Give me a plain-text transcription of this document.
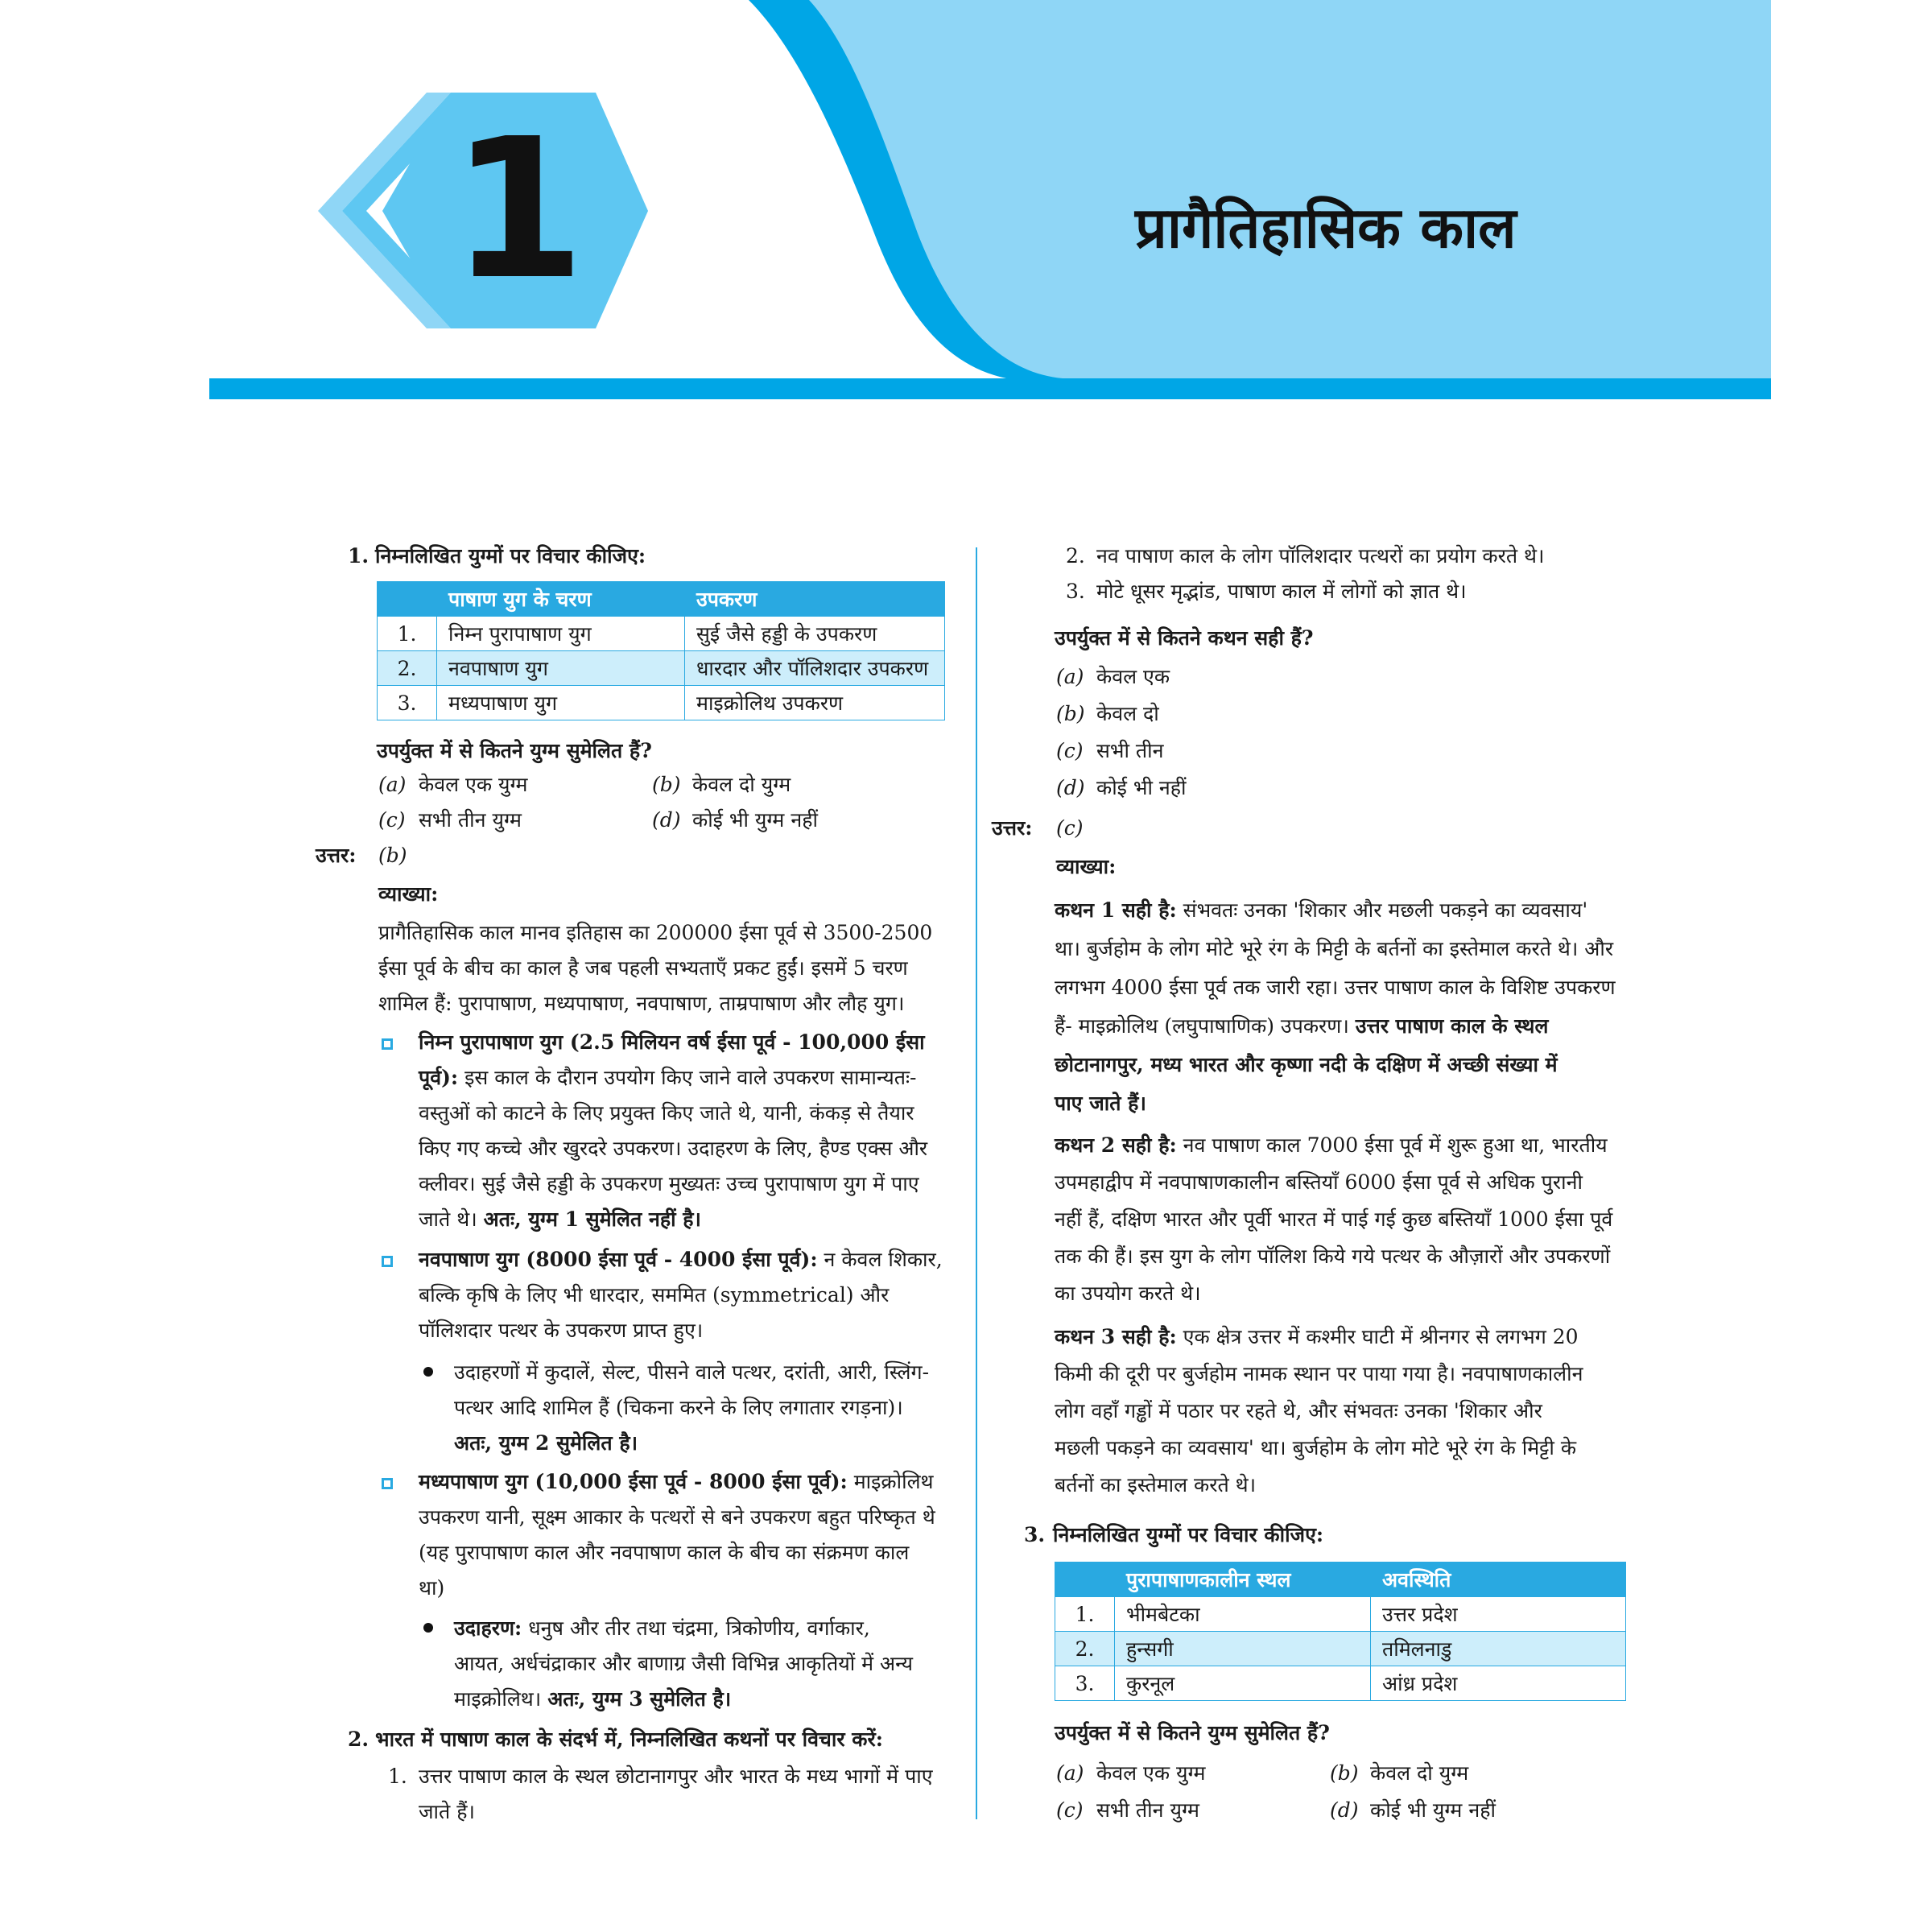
1	प्रागैतिहासिक काल
अभ्यास के लिए वस्तुनिष्ठ प्रश्न
1. निम्नलिखित युग्मों पर विचार कीजिए:
	पाषाण युग के चरण	उपकरण
1.	निम्न पुरापाषाण युग	सुई जैसे हड्डी के उपकरण
2.	नवपाषाण युग	धारदार और पॉलिशदार उपकरण
3.	मध्यपाषाण युग	माइक्रोलिथ उपकरण
उपर्युक्त में से कितने युग्म सुमेलित हैं?
(a) केवल एक युग्म	(b) केवल दो युग्म
(c) सभी तीन युग्म	(d) कोई भी युग्म नहीं
उत्तर: (b)
व्याख्या:
प्रागैतिहासिक काल मानव इतिहास का 200000 ईसा पूर्व से 3500-2500
ईसा पूर्व के बीच का काल है जब पहली सभ्यताएँ प्रकट हुईं। इसमें 5 चरण
शामिल हैं: पुरापाषाण, मध्यपाषाण, नवपाषाण, ताम्रपाषाण और लौह युग।
निम्न पुरापाषाण युग (2.5 मिलियन वर्ष ईसा पूर्व - 100,000 ईसा
पूर्व): इस काल के दौरान उपयोग किए जाने वाले उपकरण सामान्यतः-
वस्तुओं को काटने के लिए प्रयुक्त किए जाते थे, यानी, कंकड़ से तैयार
किए गए कच्चे और खुरदरे उपकरण। उदाहरण के लिए, हैण्ड एक्स और
क्लीवर। सुई जैसे हड्डी के उपकरण मुख्यतः उच्च पुरापाषाण युग में पाए
जाते थे। अतः, युग्म 1 सुमेलित नहीं है।
नवपाषाण युग (8000 ईसा पूर्व - 4000 ईसा पूर्व): न केवल शिकार,
बल्कि कृषि के लिए भी धारदार, सममित (symmetrical) और
पॉलिशदार पत्थर के उपकरण प्राप्त हुए।
उदाहरणों में कुदालें, सेल्ट, पीसने वाले पत्थर, दरांती, आरी, स्लिंग-
पत्थर आदि शामिल हैं (चिकना करने के लिए लगातार रगड़ना)।
अतः, युग्म 2 सुमेलित है।
मध्यपाषाण युग (10,000 ईसा पूर्व - 8000 ईसा पूर्व): माइक्रोलिथ
उपकरण यानी, सूक्ष्म आकार के पत्थरों से बने उपकरण बहुत परिष्कृत थे
(यह पुरापाषाण काल और नवपाषाण काल के बीच का संक्रमण काल
था)
उदाहरण: धनुष और तीर तथा चंद्रमा, त्रिकोणीय, वर्गाकार,
आयत, अर्धचंद्राकार और बाणाग्र जैसी विभिन्न आकृतियों में अन्य
माइक्रोलिथ। अतः, युग्म 3 सुमेलित है।
2. भारत में पाषाण काल के संदर्भ में, निम्नलिखित कथनों पर विचार करें:
1. उत्तर पाषाण काल के स्थल छोटानागपुर और भारत के मध्य भागों में पाए
जाते हैं।
2. नव पाषाण काल के लोग पॉलिशदार पत्थरों का प्रयोग करते थे।
3. मोटे धूसर मृद्भांड, पाषाण काल में लोगों को ज्ञात थे।
उपर्युक्त में से कितने कथन सही हैं?
(a) केवल एक
(b) केवल दो
(c) सभी तीन
(d) कोई भी नहीं
उत्तर: (c)
व्याख्या:
कथन 1 सही है: संभवतः उनका 'शिकार और मछली पकड़ने का व्यवसाय'
था। बुर्जहोम के लोग मोटे भूरे रंग के मिट्टी के बर्तनों का इस्तेमाल करते थे। और
लगभग 4000 ईसा पूर्व तक जारी रहा। उत्तर पाषाण काल के विशिष्ट उपकरण
हैं- माइक्रोलिथ (लघुपाषाणिक) उपकरण। उत्तर पाषाण काल के स्थल
छोटानागपुर, मध्य भारत और कृष्णा नदी के दक्षिण में अच्छी संख्या में
पाए जाते हैं।
कथन 2 सही है: नव पाषाण काल 7000 ईसा पूर्व में शुरू हुआ था, भारतीय
उपमहाद्वीप में नवपाषाणकालीन बस्तियाँ 6000 ईसा पूर्व से अधिक पुरानी
नहीं हैं, दक्षिण भारत और पूर्वी भारत में पाई गई कुछ बस्तियाँ 1000 ईसा पूर्व
तक की हैं। इस युग के लोग पॉलिश किये गये पत्थर के औज़ारों और उपकरणों
का उपयोग करते थे।
कथन 3 सही है: एक क्षेत्र उत्तर में कश्मीर घाटी में श्रीनगर से लगभग 20
किमी की दूरी पर बुर्जहोम नामक स्थान पर पाया गया है। नवपाषाणकालीन
लोग वहाँ गड्ढों में पठार पर रहते थे, और संभवतः उनका 'शिकार और
मछली पकड़ने का व्यवसाय' था। बुर्जहोम के लोग मोटे भूरे रंग के मिट्टी के
बर्तनों का इस्तेमाल करते थे।
3. निम्नलिखित युग्मों पर विचार कीजिए:
	पुरापाषाणकालीन स्थल	अवस्थिति
1.	भीमबेटका	उत्तर प्रदेश
2.	हुन्सगी	तमिलनाडु
3.	कुरनूल	आंध्र प्रदेश
उपर्युक्त में से कितने युग्म सुमेलित हैं?
(a) केवल एक युग्म	(b) केवल दो युग्म
(c) सभी तीन युग्म	(d) कोई भी युग्म नहीं
